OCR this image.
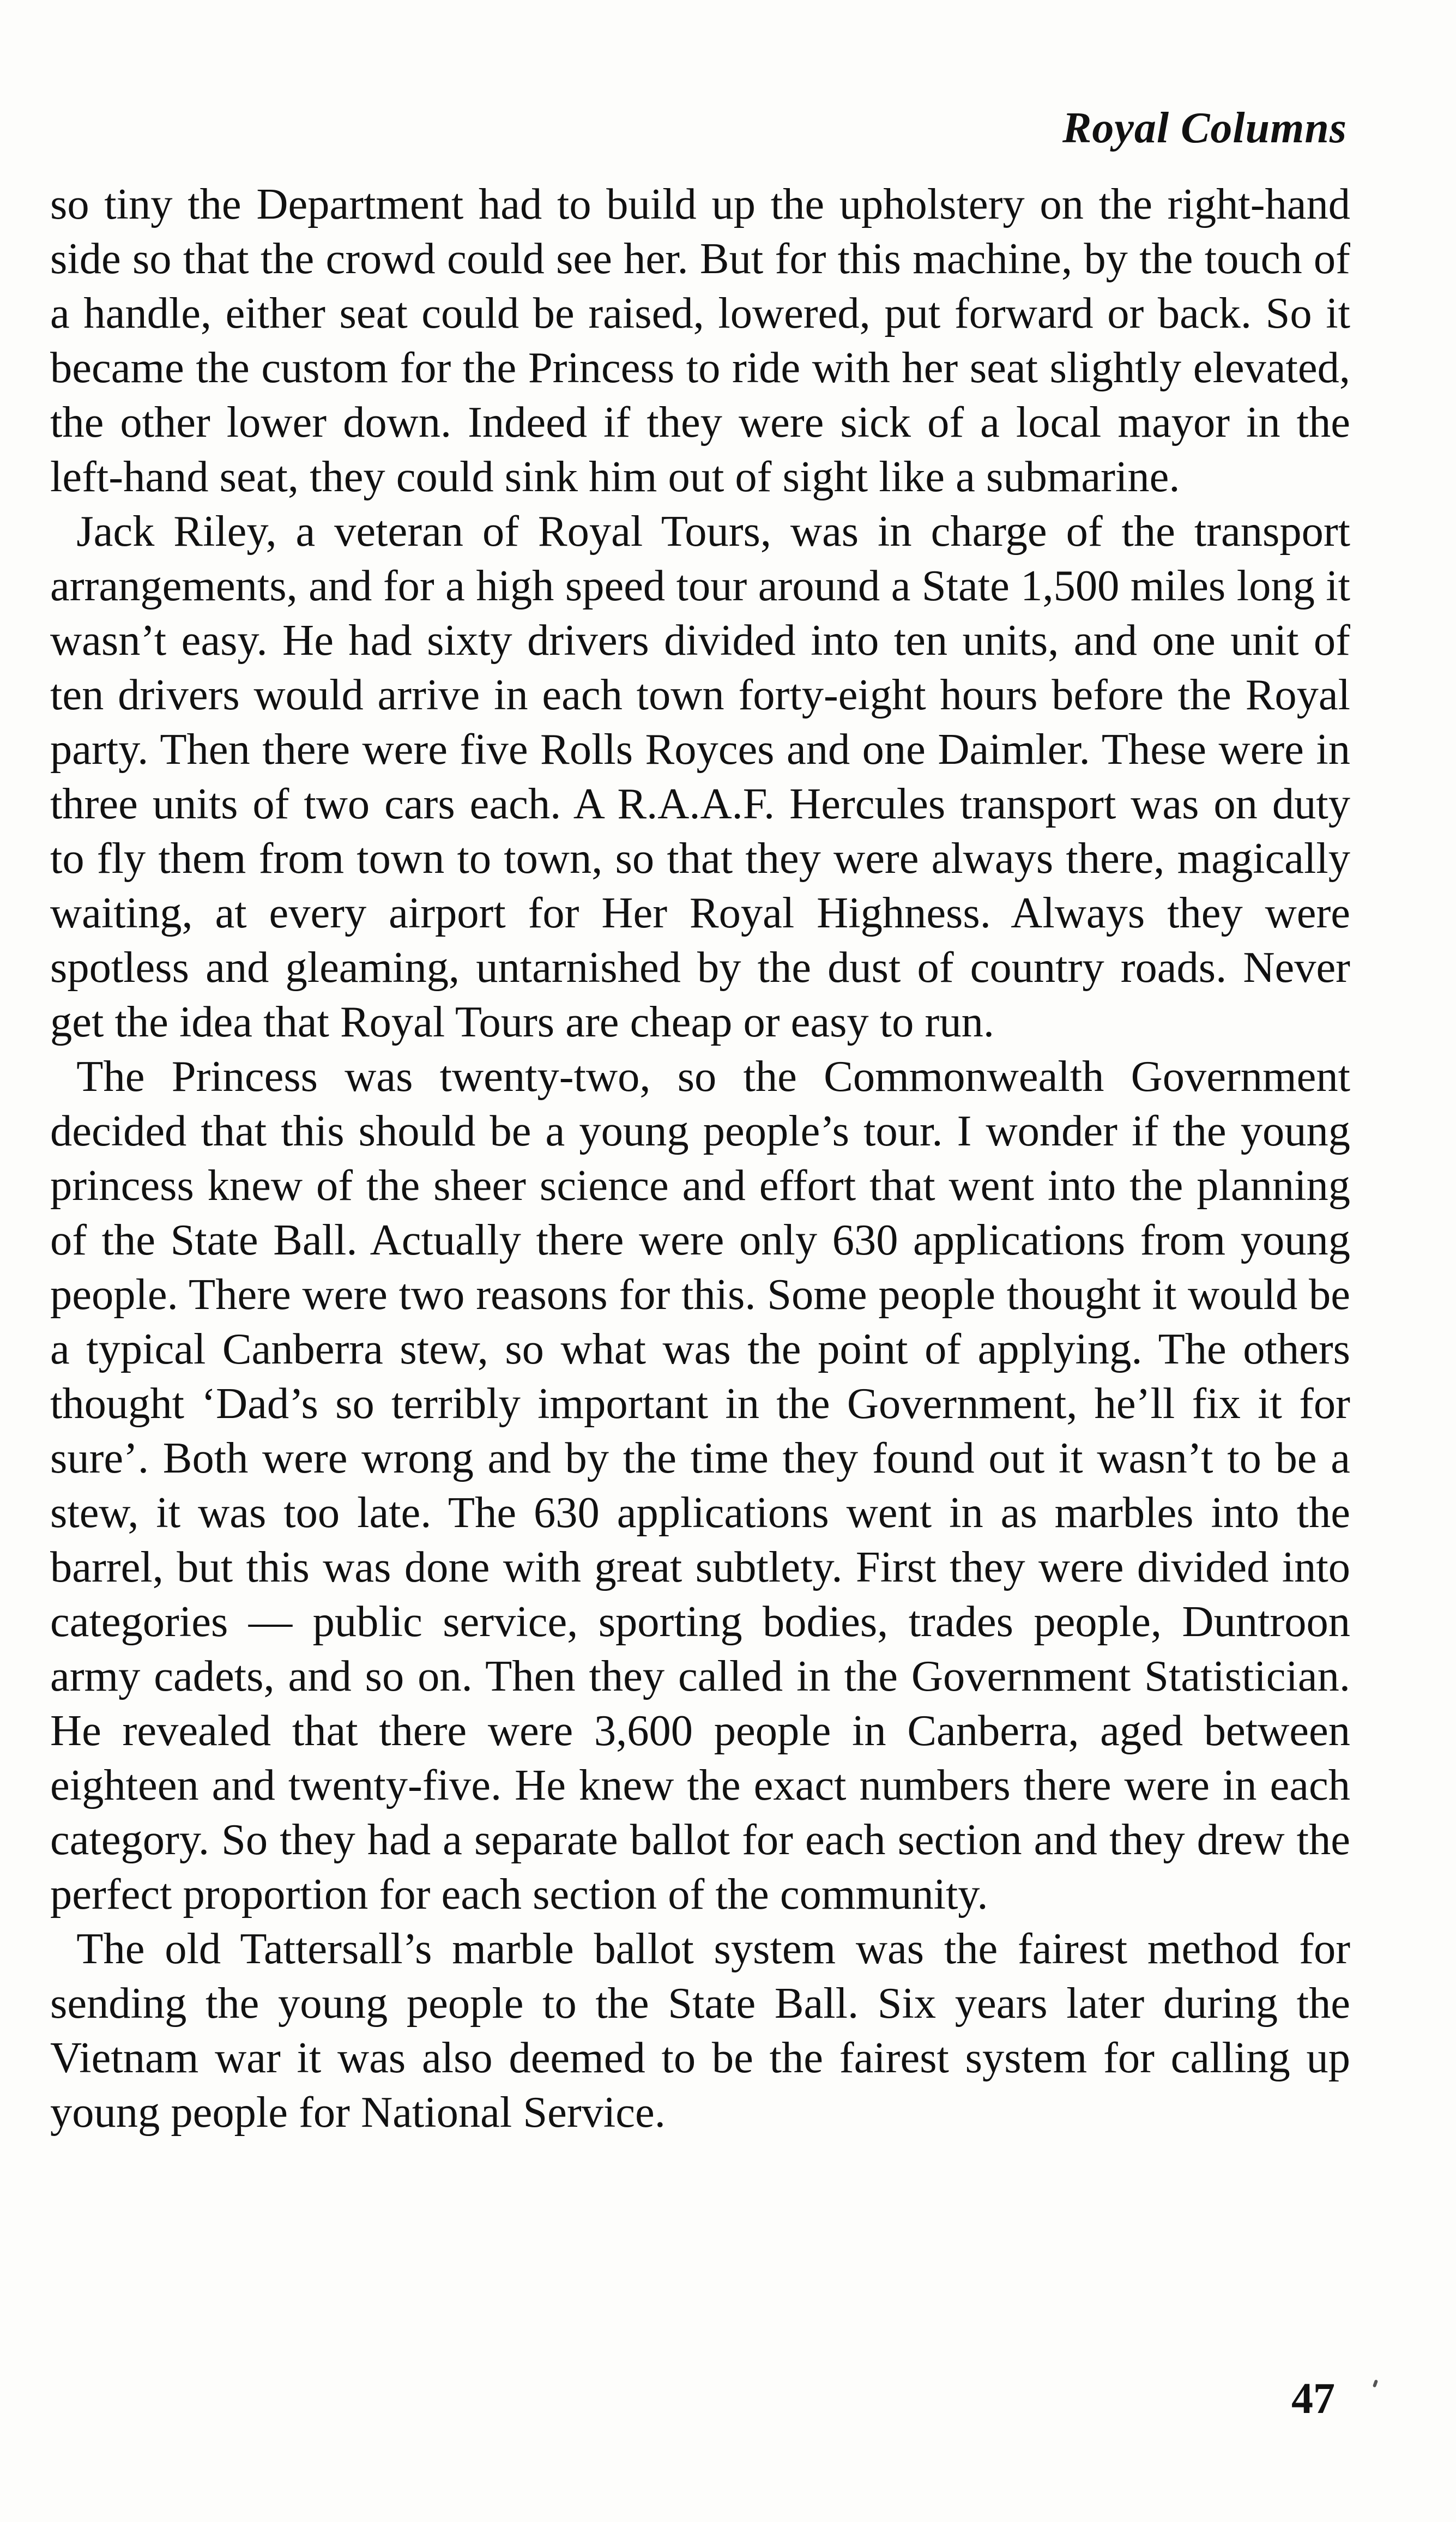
Royal Columns

so tiny the Department had to build up the upholstery on the right-hand side so that the crowd could see her. But for this machine, by the touch of a handle, either seat could be raised, lowered, put forward or back. So it became the custom for the Princess to ride with her seat slightly elevated, the other lower down. Indeed if they were sick of a local mayor in the left-hand seat, they could sink him out of sight like a submarine.

Jack Riley, a veteran of Royal Tours, was in charge of the transport arrangements, and for a high speed tour around a State 1,500 miles long it wasn’t easy. He had sixty drivers divided into ten units, and one unit of ten drivers would arrive in each town forty-eight hours before the Royal party. Then there were five Rolls Royces and one Daimler. These were in three units of two cars each. A R.A.A.F. Hercules transport was on duty to fly them from town to town, so that they were always there, magically waiting, at every airport for Her Royal Highness. Always they were spotless and gleaming, untarnished by the dust of country roads. Never get the idea that Royal Tours are cheap or easy to run.

The Princess was twenty-two, so the Commonwealth Government decided that this should be a young people’s tour. I wonder if the young princess knew of the sheer science and effort that went into the planning of the State Ball. Actually there were only 630 applications from young people. There were two reasons for this. Some people thought it would be a typical Canberra stew, so what was the point of applying. The others thought ‘Dad’s so terribly important in the Government, he’ll fix it for sure’. Both were wrong and by the time they found out it wasn’t to be a stew, it was too late. The 630 applications went in as marbles into the barrel, but this was done with great subtlety. First they were divided into categories — public service, sporting bodies, trades people, Duntroon army cadets, and so on. Then they called in the Government Statistician. He revealed that there were 3,600 people in Canberra, aged between eighteen and twenty-five. He knew the exact numbers there were in each category. So they had a separate ballot for each section and they drew the perfect proportion for each section of the community.

The old Tattersall’s marble ballot system was the fairest method for sending the young people to the State Ball. Six years later during the Vietnam war it was also deemed to be the fairest system for calling up young people for National Service.

47
